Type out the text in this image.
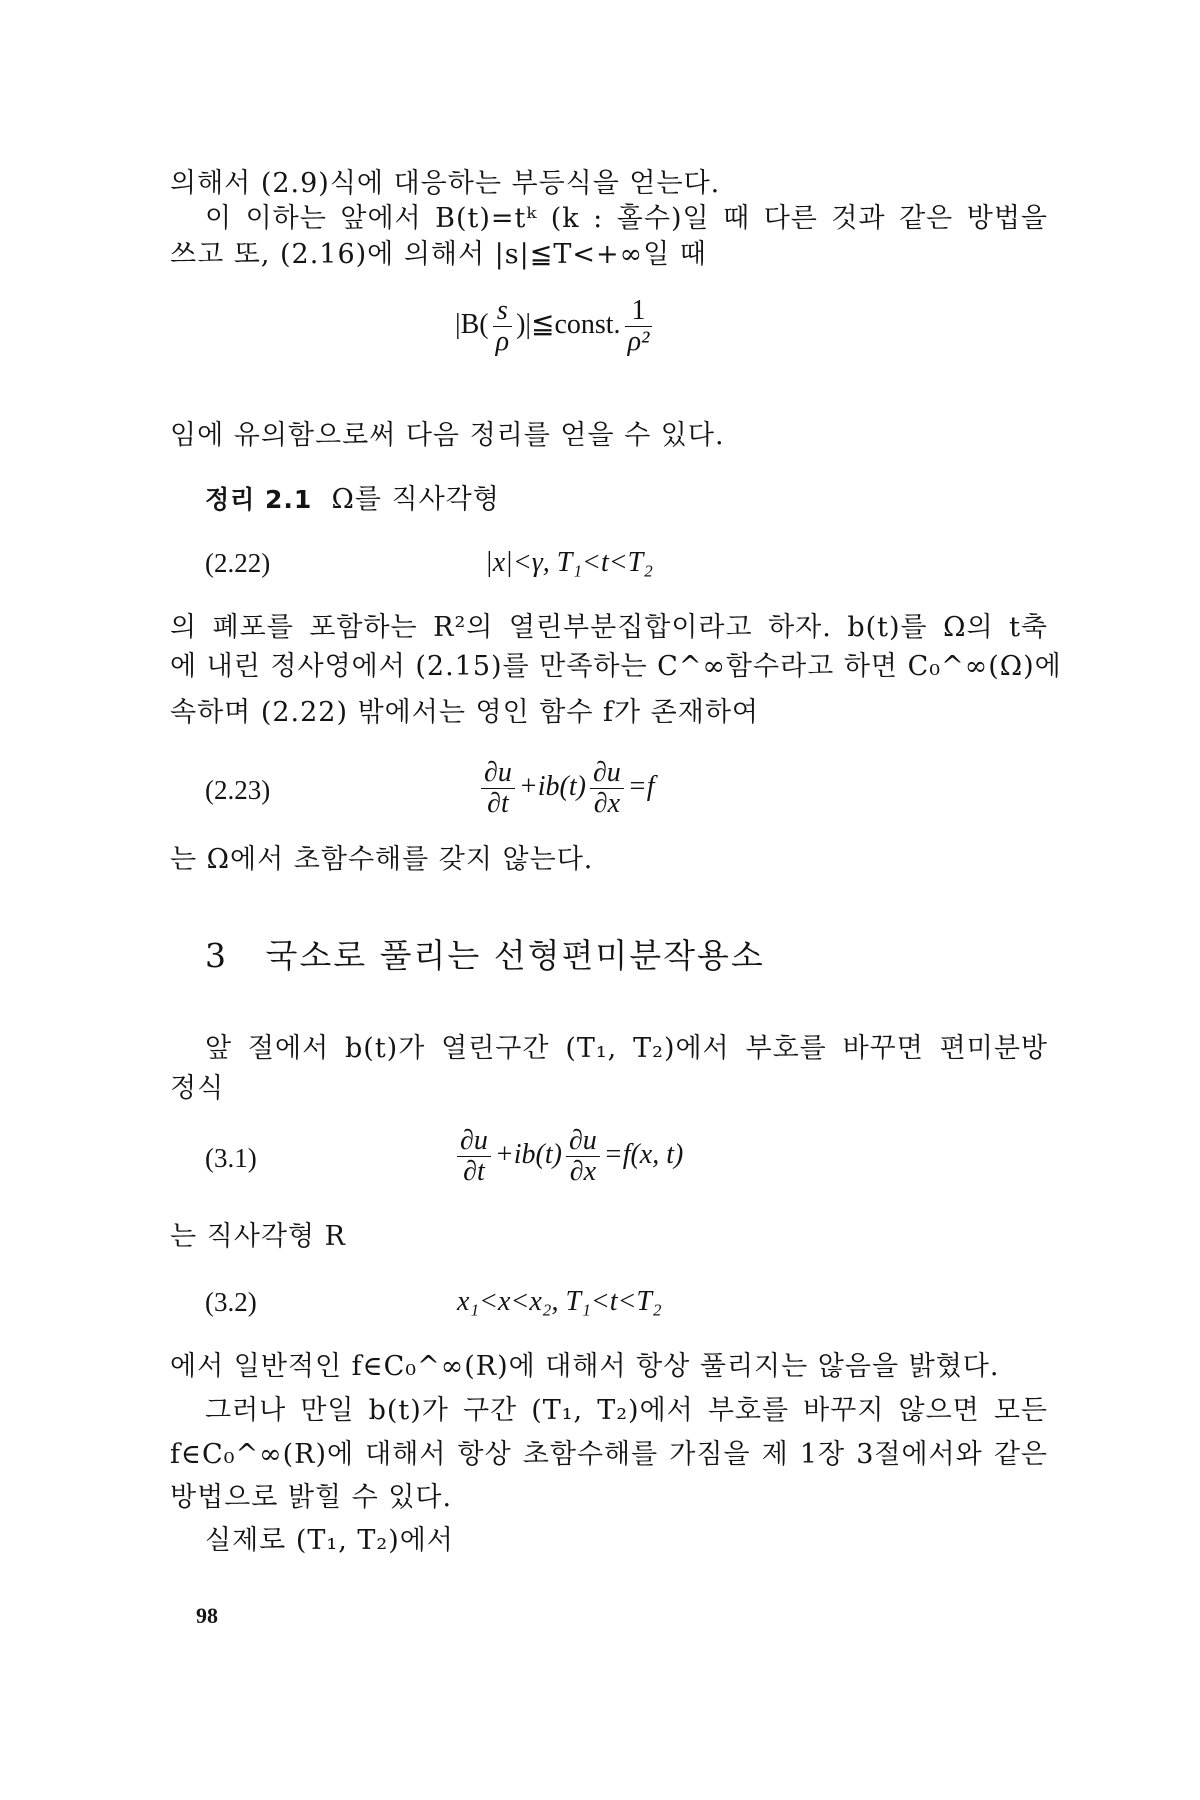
의해서 (2.9)식에 대응하는 부등식을 얻는다.
이 이하는 앞에서 B(t)=tᵏ (k : 홀수)일 때 다른 것과 같은 방법을
쓰고 또, (2.16)에 의해서 |s|≦T<+∞일 때
$|B( \frac{s}{\rho}$ )|≦const. $\frac{1}{\text{ρ²}}$
임에 유의함으로써 다음 정리를 얻을 수 있다.
정리 2.1 Ω를 직사각형
(2.22)	|x|<γ, T₁<t<T₂
의 폐포를 포함하는 R²의 열린부분집합이라고 하자. b(t)를 Ω의 t축
에 내린 정사영에서 (2.15)를 만족하는 C^∞함수라고 하면 C₀^∞(Ω)에
속하며 (2.22) 밖에서는 영인 함수 f가 존재하여
(2.23)	$\frac{\partial u}{\partial t} +ib(t) \frac{\partial u}{\partial x} =f$
는 Ω에서 초함수해를 갖지 않는다.
3 국소로 풀리는 선형편미분작용소
앞 절에서 b(t)가 열린구간 (T₁, T₂)에서 부호를 바꾸면 편미분방
정식
(3.1)	$\frac{\partial u}{\partial t} +ib(t) \frac{\partial u}{\partial x} =f(x$, t)
는 직사각형 R
(3.2)	x₁<x<x₂, T₁<t<T₂
에서 일반적인 f∈C₀^∞(R)에 대해서 항상 풀리지는 않음을 밝혔다.
그러나 만일 b(t)가 구간 (T₁, T₂)에서 부호를 바꾸지 않으면 모든
f∈C₀^∞(R)에 대해서 항상 초함수해를 가짐을 제 1장 3절에서와 같은
방법으로 밝힐 수 있다.
실제로 (T₁, T₂)에서
98
